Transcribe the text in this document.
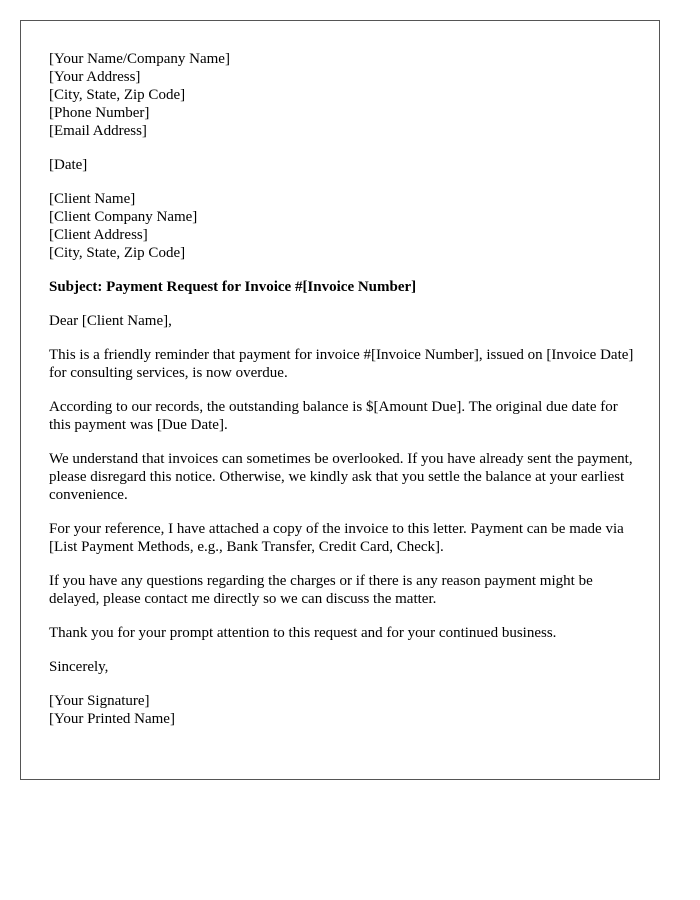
[Your Name/Company Name]
[Your Address]
[City, State, Zip Code]
[Phone Number]
[Email Address]
[Date]
[Client Name]
[Client Company Name]
[Client Address]
[City, State, Zip Code]
Subject: Payment Request for Invoice #[Invoice Number]
Dear [Client Name],
This is a friendly reminder that payment for invoice #[Invoice Number], issued on [Invoice Date] for consulting services, is now overdue.
According to our records, the outstanding balance is $[Amount Due]. The original due date for this payment was [Due Date].
We understand that invoices can sometimes be overlooked. If you have already sent the payment, please disregard this notice. Otherwise, we kindly ask that you settle the balance at your earliest convenience.
For your reference, I have attached a copy of the invoice to this letter. Payment can be made via [List Payment Methods, e.g., Bank Transfer, Credit Card, Check].
If you have any questions regarding the charges or if there is any reason payment might be delayed, please contact me directly so we can discuss the matter.
Thank you for your prompt attention to this request and for your continued business.
Sincerely,
[Your Signature]
[Your Printed Name]
